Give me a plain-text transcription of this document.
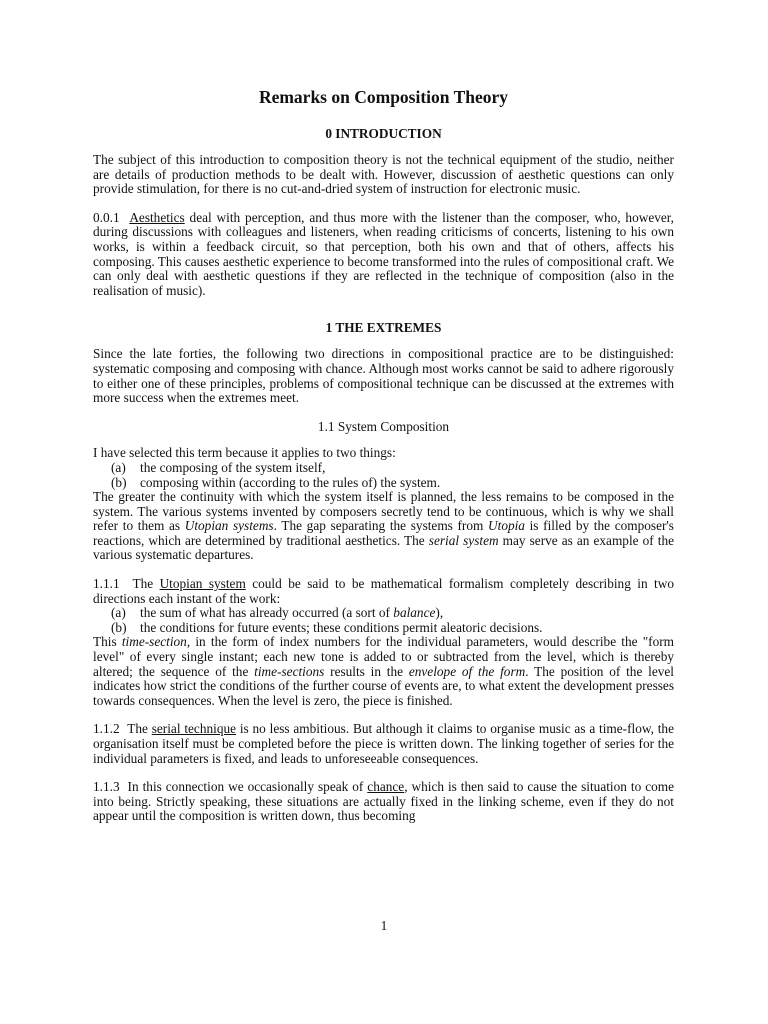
Remarks on Composition Theory
0 INTRODUCTION

The subject of this introduction to composition theory is not the technical equipment of the studio, neither are details of production methods to be dealt with. However, discussion of aesthetic questions can only provide stimulation, for there is no cut-and-dried system of instruction for electronic music.

0.0.1 Aesthetics deal with perception, and thus more with the listener than the composer, who, however, during discussions with colleagues and listeners, when reading criticisms of concerts, listening to his own works, is within a feedback circuit, so that perception, both his own and that of others, affects his composing. This causes aesthetic experience to become transformed into the rules of compositional craft. We can only deal with aesthetic questions if they are reflected in the technique of composition (also in the realisation of music).

1 THE EXTREMES

Since the late forties, the following two directions in compositional practice are to be distinguished: systematic composing and composing with chance. Although most works cannot be said to adhere rigorously to either one of these principles, problems of compositional technique can be discussed at the extremes with more success when the extremes meet.

1.1 System Composition

I have selected this term because it applies to two things:

(a)	the composing of the system itself,
(b)	composing within (according to the rules of) the system.

The greater the continuity with which the system itself is planned, the less remains to be composed in the system. The various systems invented by composers secretly tend to be continuous, which is why we shall refer to them as Utopian systems. The gap separating the systems from Utopia is filled by the composer's reactions, which are determined by traditional aesthetics. The serial system may serve as an example of the various systematic departures.

1.1.1  The Utopian system could be said to be mathematical formalism completely describing in two directions each instant of the work:

(a)	the sum of what has already occurred (a sort of balance),
(b)	the conditions for future events; these conditions permit aleatoric decisions.

This time-section, in the form of index numbers for the individual parameters, would describe the "form level" of every single instant; each new tone is added to or subtracted from the level, which is thereby altered; the sequence of the time-sections results in the envelope of the form. The position of the level indicates how strict the conditions of the further course of events are, to what extent the development presses towards consequences. When the level is zero, the piece is finished.

1.1.2  The serial technique is no less ambitious. But although it claims to organise music as a time-flow, the organisation itself must be completed before the piece is written down. The linking together of series for the individual parameters is fixed, and leads to unforeseeable consequences.

1.1.3 In this connection we occasionally speak of chance, which is then said to cause the situation to come into being. Strictly speaking, these situations are actually fixed in the linking scheme, even if they do not appear until the composition is written down, thus becoming

1
